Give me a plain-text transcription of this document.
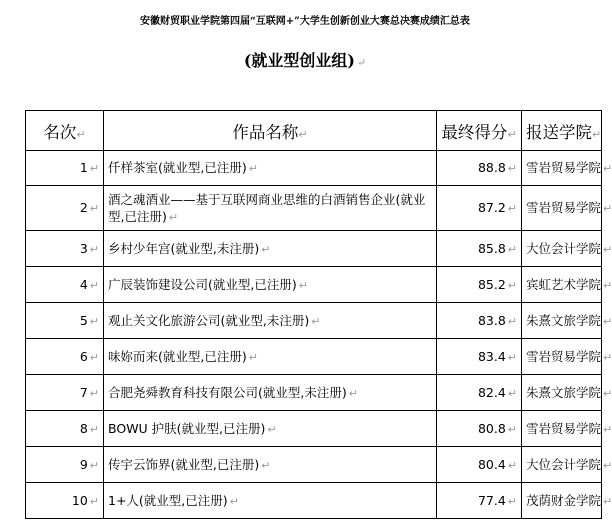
安徽财贸职业学院第四届“互联网+”大学生创新创业大赛总决赛成绩汇总表
(就业型创业组) ↵
名次↵	作品名称↵	最终得分↵	报送学院↵
1 ↵	仟样茶室(就业型,已注册) ↵	88.8 ↵	雪岩贸易学院 ↵
2 ↵	酒之魂酒业——基于互联网商业思维的白酒销售企业(就业型,已注册) ↵	87.2 ↵	雪岩贸易学院 ↵
3 ↵	乡村少年宫(就业型,未注册) ↵	85.8 ↵	大位会计学院 ↵
4 ↵	广辰装饰建设公司(就业型,已注册) ↵	85.2 ↵	宾虹艺术学院 ↵
5 ↵	观止关文化旅游公司(就业型,未注册) ↵	83.8 ↵	朱熹文旅学院 ↵
6 ↵	味妳而来(就业型,已注册) ↵	83.4 ↵	雪岩贸易学院 ↵
7 ↵	合肥尧舜教育科技有限公司(就业型,未注册) ↵	82.4 ↵	朱熹文旅学院 ↵
8 ↵	BOWU 护肤(就业型,已注册) ↵	80.8 ↵	雪岩贸易学院 ↵
9 ↵	传宇云饰界(就业型,已注册) ↵	80.4 ↵	大位会计学院 ↵
10 ↵	1+人(就业型,已注册) ↵	77.4 ↵	茂荫财金学院 ↵
